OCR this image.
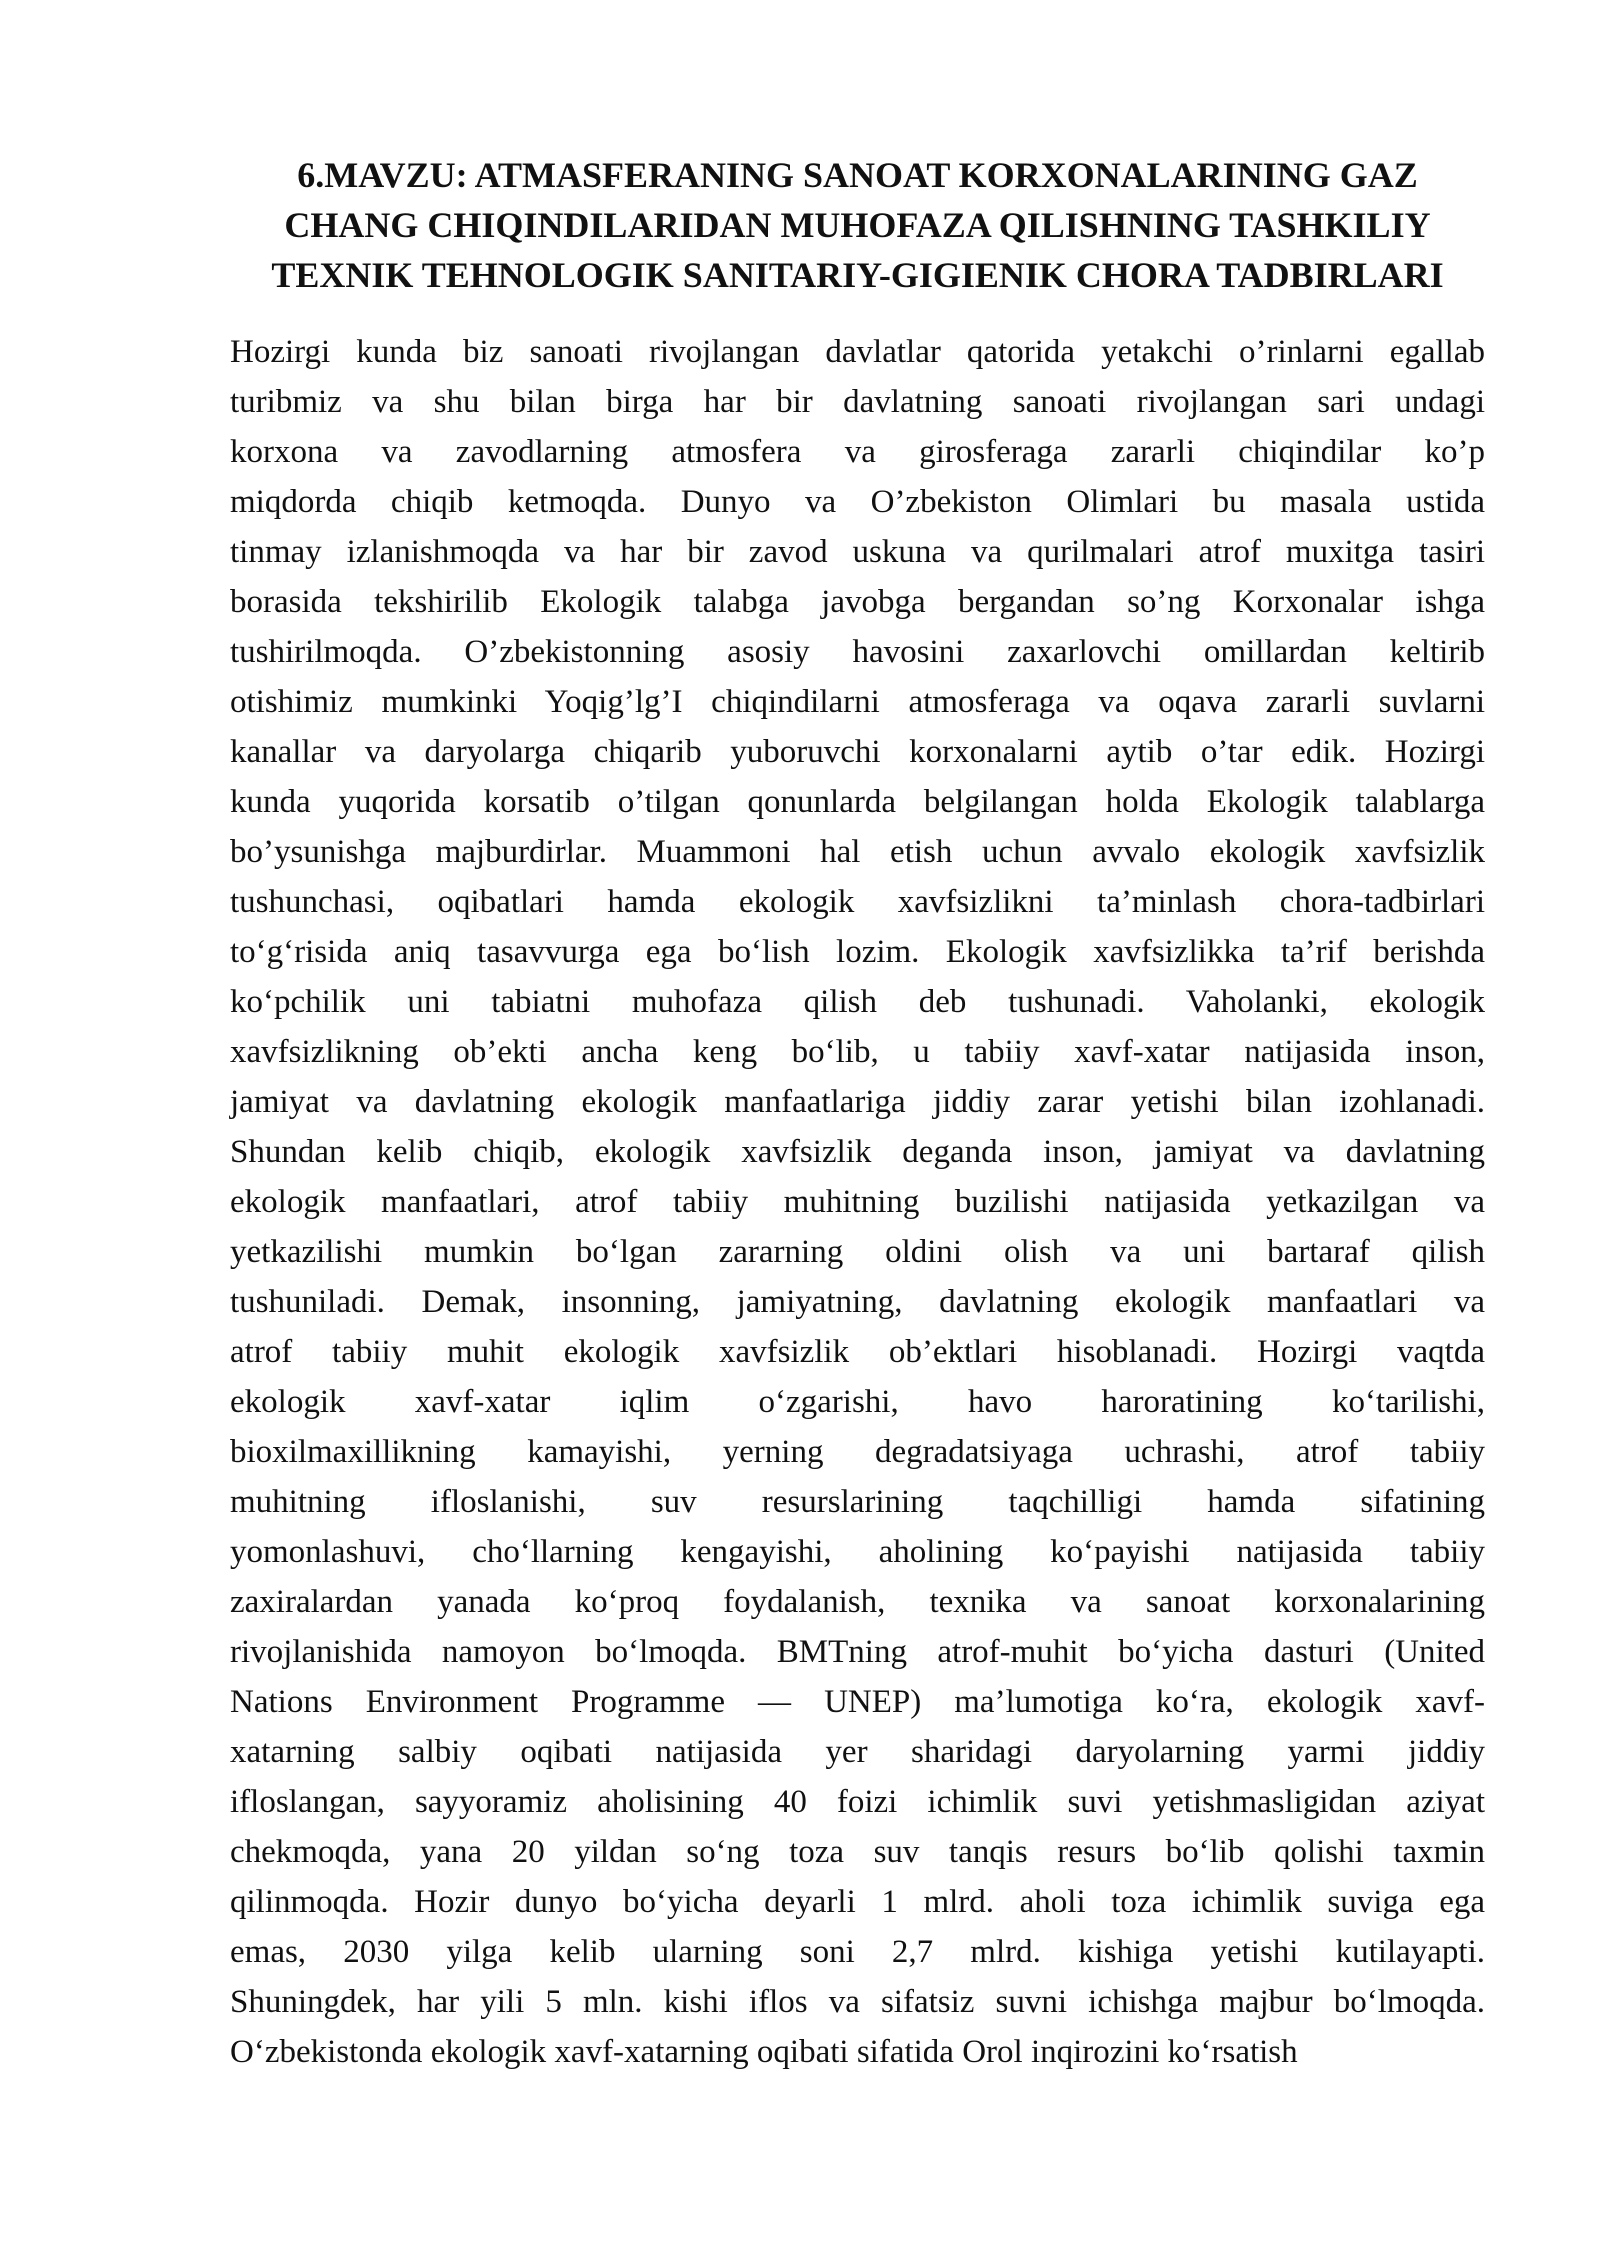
6.MAVZU: ATMASFERANING SANOAT KORXONALARINING GAZ
CHANG CHIQINDILARIDAN MUHOFAZA QILISHNING TASHKILIY
TEXNIK TEHNOLOGIK SANITARIY-GIGIENIK CHORA TADBIRLARI
Hozirgi kunda biz sanoati rivojlangan davlatlar qatorida yetakchi o’rinlarni egallab
turibmiz va shu bilan birga har bir davlatning sanoati rivojlangan sari undagi
korxona va zavodlarning atmosfera va girosferaga zararli chiqindilar ko’p
miqdorda chiqib ketmoqda. Dunyo va O’zbekiston Olimlari bu masala ustida
tinmay izlanishmoqda va har bir zavod uskuna va qurilmalari atrof muxitga tasiri
borasida tekshirilib Ekologik talabga javobga bergandan so’ng Korxonalar ishga
tushirilmoqda. O’zbekistonning asosiy havosini zaxarlovchi omillardan keltirib
otishimiz mumkinki Yoqig’lg’I chiqindilarni atmosferaga va oqava zararli suvlarni
kanallar va daryolarga chiqarib yuboruvchi korxonalarni aytib o’tar edik. Hozirgi
kunda yuqorida korsatib o’tilgan qonunlarda belgilangan holda Ekologik talablarga
bo’ysunishga majburdirlar. Muammoni hal etish uchun avvalo ekologik xavfsizlik
tushunchasi, oqibatlari hamda ekologik xavfsizlikni ta’minlash chora-tadbirlari
to‘g‘risida aniq tasavvurga ega bo‘lish lozim. Ekologik xavfsizlikka ta’rif berishda
ko‘pchilik uni tabiatni muhofaza qilish deb tushunadi. Vaholanki, ekologik
xavfsizlikning ob’ekti ancha keng bo‘lib, u tabiiy xavf-xatar natijasida inson,
jamiyat va davlatning ekologik manfaatlariga jiddiy zarar yetishi bilan izohlanadi.
Shundan kelib chiqib, ekologik xavfsizlik deganda inson, jamiyat va davlatning
ekologik manfaatlari, atrof tabiiy muhitning buzilishi natijasida yetkazilgan va
yetkazilishi mumkin bo‘lgan zararning oldini olish va uni bartaraf qilish
tushuniladi. Demak, insonning, jamiyatning, davlatning ekologik manfaatlari va
atrof tabiiy muhit ekologik xavfsizlik ob’ektlari hisoblanadi. Hozirgi vaqtda
ekologik xavf-xatar iqlim o‘zgarishi, havo haroratining ko‘tarilishi,
bioxilmaxillikning kamayishi, yerning degradatsiyaga uchrashi, atrof tabiiy
muhitning ifloslanishi, suv resurslarining taqchilligi hamda sifatining
yomonlashuvi, cho‘llarning kengayishi, aholining ko‘payishi natijasida tabiiy
zaxiralardan yanada ko‘proq foydalanish, texnika va sanoat korxonalarining
rivojlanishida namoyon bo‘lmoqda. BMTning atrof-muhit bo‘yicha dasturi (United
Nations Environment Programme — UNEP) ma’lumotiga ko‘ra, ekologik xavf-
xatarning salbiy oqibati natijasida yer sharidagi daryolarning yarmi jiddiy
ifloslangan, sayyoramiz aholisining 40 foizi ichimlik suvi yetishmasligidan aziyat
chekmoqda, yana 20 yildan so‘ng toza suv tanqis resurs bo‘lib qolishi taxmin
qilinmoqda. Hozir dunyo bo‘yicha deyarli 1 mlrd. aholi toza ichimlik suviga ega
emas, 2030 yilga kelib ularning soni 2,7 mlrd. kishiga yetishi kutilayapti.
Shuningdek, har yili 5 mln. kishi iflos va sifatsiz suvni ichishga majbur bo‘lmoqda.
O‘zbekistonda ekologik xavf-xatarning oqibati sifatida Orol inqirozini ko‘rsatish
